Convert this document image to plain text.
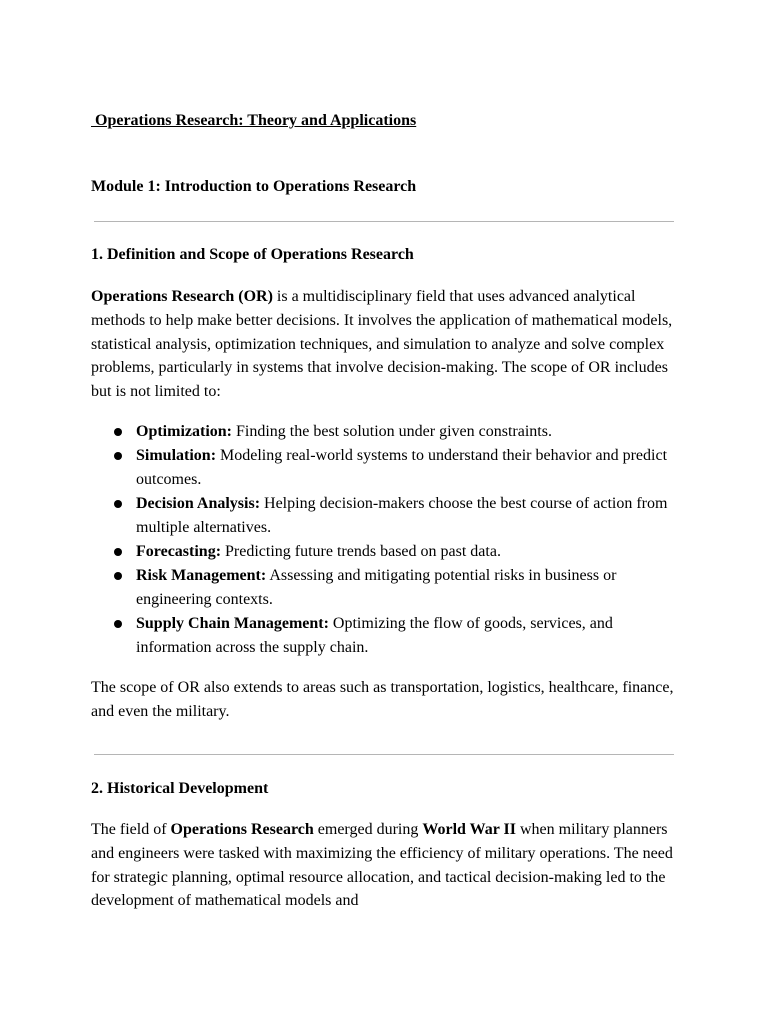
Operations Research: Theory and Applications

Module 1: Introduction to Operations Research

1. Definition and Scope of Operations Research

Operations Research (OR) is a multidisciplinary field that uses advanced analytical methods to help make better decisions. It involves the application of mathematical models, statistical analysis, optimization techniques, and simulation to analyze and solve complex problems, particularly in systems that involve decision-making. The scope of OR includes but is not limited to:

Optimization: Finding the best solution under given constraints.
Simulation: Modeling real-world systems to understand their behavior and predict outcomes.
Decision Analysis: Helping decision-makers choose the best course of action from multiple alternatives.
Forecasting: Predicting future trends based on past data.
Risk Management: Assessing and mitigating potential risks in business or engineering contexts.
Supply Chain Management: Optimizing the flow of goods, services, and information across the supply chain.

The scope of OR also extends to areas such as transportation, logistics, healthcare, finance, and even the military.

2. Historical Development

The field of Operations Research emerged during World War II when military planners and engineers were tasked with maximizing the efficiency of military operations. The need for strategic planning, optimal resource allocation, and tactical decision-making led to the development of mathematical models and
